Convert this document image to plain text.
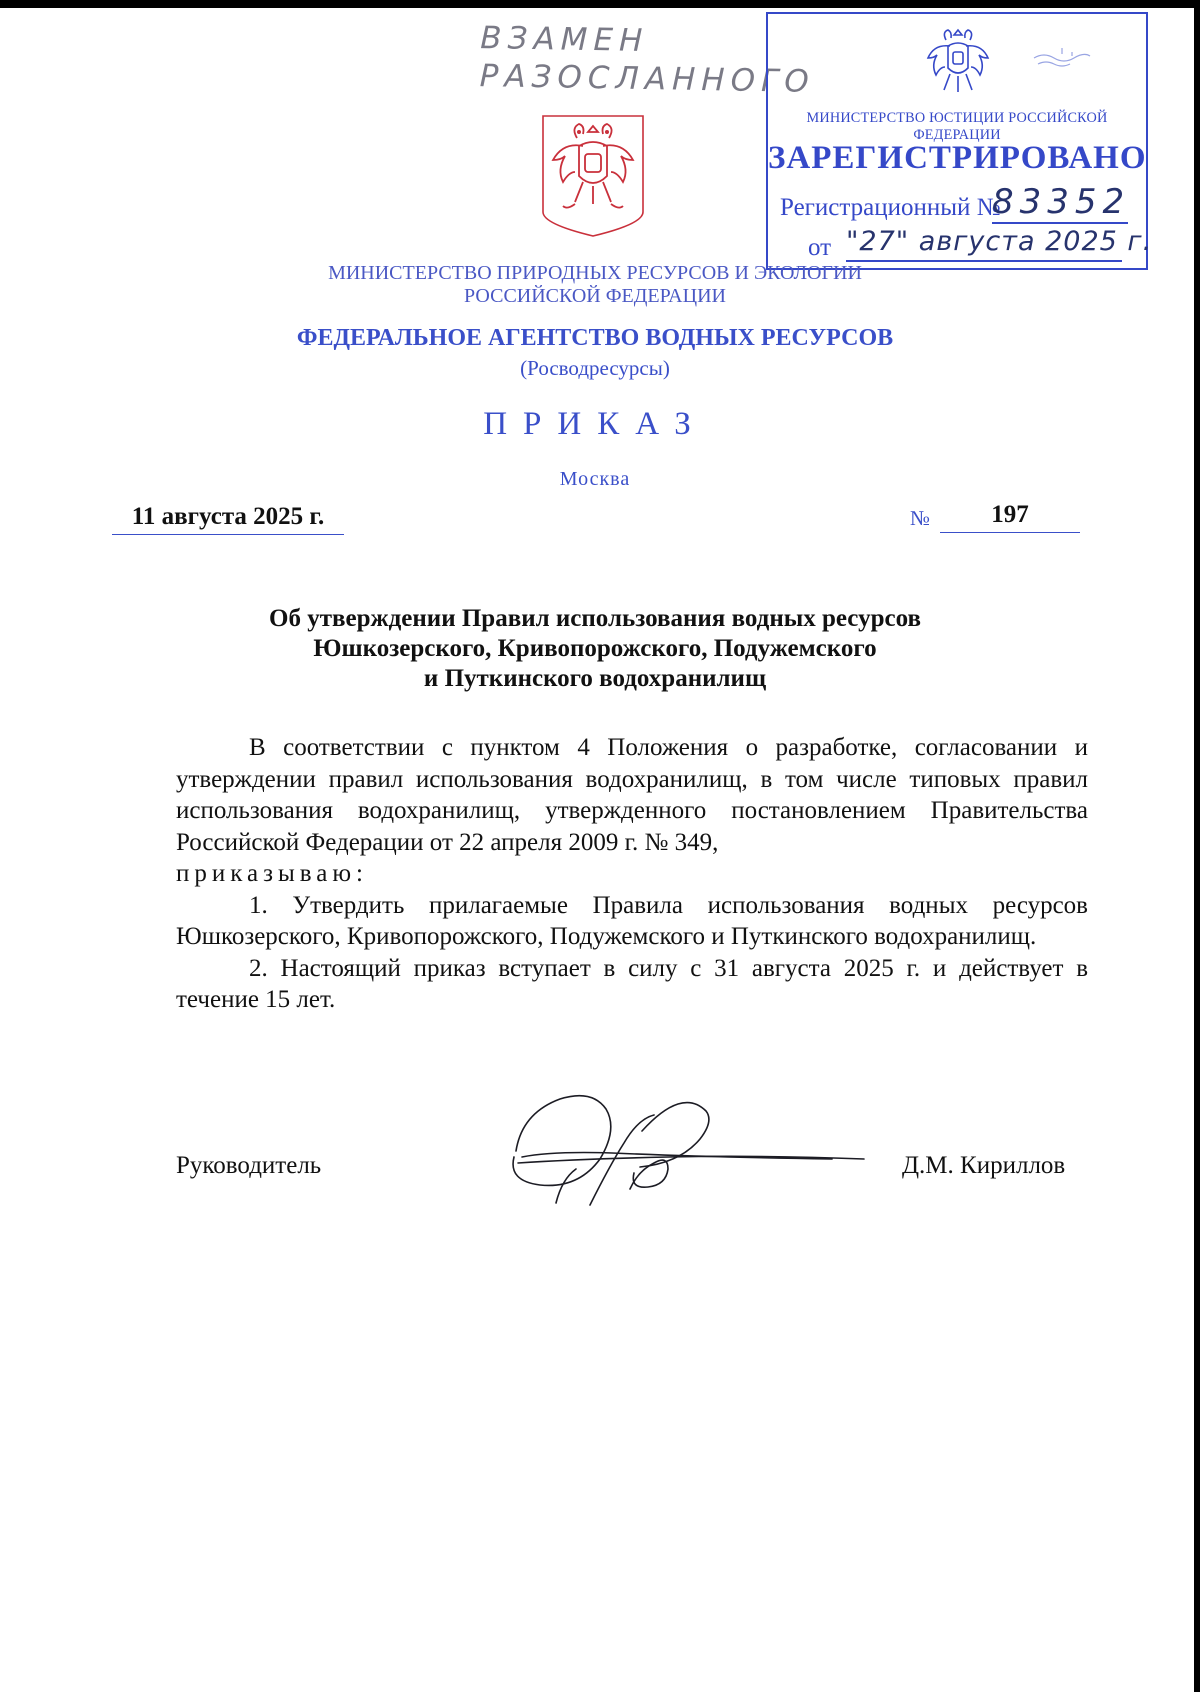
ВЗАМЕН
РАЗОСЛАННОГО
МИНИСТЕРСТВО ЮСТИЦИИ РОССИЙСКОЙ ФЕДЕРАЦИИ
ЗАРЕГИСТРИРОВАНО
Регистрационный №
83352
от "27" августа 2025 г.
МИНИСТЕРСТВО ПРИРОДНЫХ РЕСУРСОВ И ЭКОЛОГИИ
РОССИЙСКОЙ ФЕДЕРАЦИИ
ФЕДЕРАЛЬНОЕ АГЕНТСТВО ВОДНЫХ РЕСУРСОВ
(Росводресурсы)
ПРИКАЗ
Москва
11 августа 2025 г.	№	197
Об утверждении Правил использования водных ресурсов
Юшкозерского, Кривопорожского, Подужемского
и Путкинского водохранилищ

В соответствии с пунктом 4 Положения о разработке, согласовании и утверждении правил использования водохранилищ, в том числе типовых правил использования водохранилищ, утвержденного постановлением Правительства Российской Федерации от 22 апреля 2009 г. № 349,

приказываю:

1. Утвердить прилагаемые Правила использования водных ресурсов Юшкозерского, Кривопорожского, Подужемского и Путкинского водохранилищ.

2. Настоящий приказ вступает в силу с 31 августа 2025 г. и действует в течение 15 лет.

Руководитель	Д.М. Кириллов
